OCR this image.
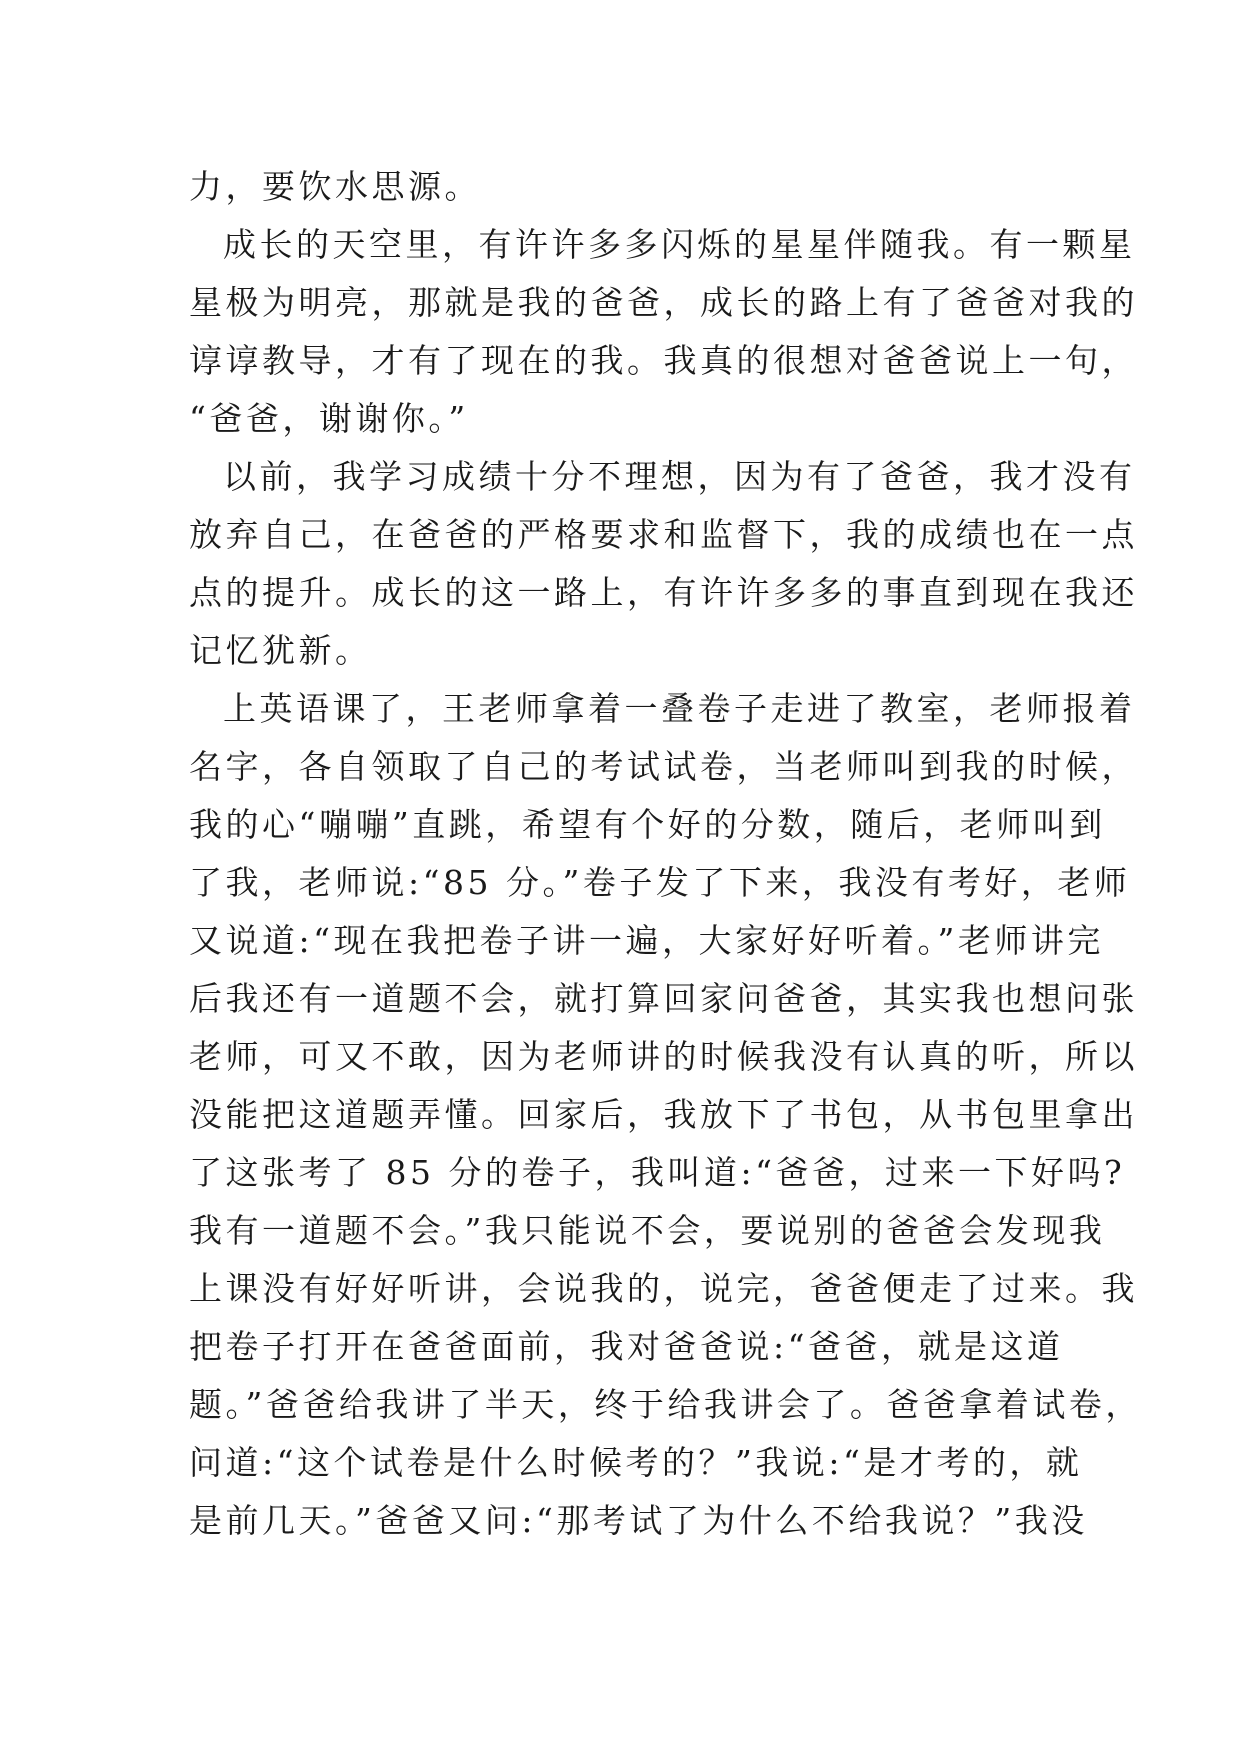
力，要饮水思源。
成长的天空里，有许许多多闪烁的星星伴随我。有一颗星
星极为明亮，那就是我的爸爸，成长的路上有了爸爸对我的
谆谆教导，才有了现在的我。我真的很想对爸爸说上一句，
“爸爸，谢谢你。”
以前，我学习成绩十分不理想，因为有了爸爸，我才没有
放弃自己，在爸爸的严格要求和监督下，我的成绩也在一点
点的提升。成长的这一路上，有许许多多的事直到现在我还
记忆犹新。
上英语课了，王老师拿着一叠卷子走进了教室，老师报着
名字，各自领取了自己的考试试卷，当老师叫到我的时候，
我的心“嘣嘣”直跳，希望有个好的分数，随后，老师叫到
了我，老师说:“85 分。”卷子发了下来，我没有考好，老师
又说道:“现在我把卷子讲一遍，大家好好听着。”老师讲完
后我还有一道题不会，就打算回家问爸爸，其实我也想问张
老师，可又不敢，因为老师讲的时候我没有认真的听，所以
没能把这道题弄懂。回家后，我放下了书包，从书包里拿出
了这张考了 85 分的卷子，我叫道:“爸爸，过来一下好吗?
我有一道题不会。”我只能说不会，要说别的爸爸会发现我
上课没有好好听讲，会说我的，说完，爸爸便走了过来。我
把卷子打开在爸爸面前，我对爸爸说:“爸爸，就是这道
题。”爸爸给我讲了半天，终于给我讲会了。爸爸拿着试卷，
问道:“这个试卷是什么时候考的？”我说:“是才考的，就
是前几天。”爸爸又问:“那考试了为什么不给我说？”我没
